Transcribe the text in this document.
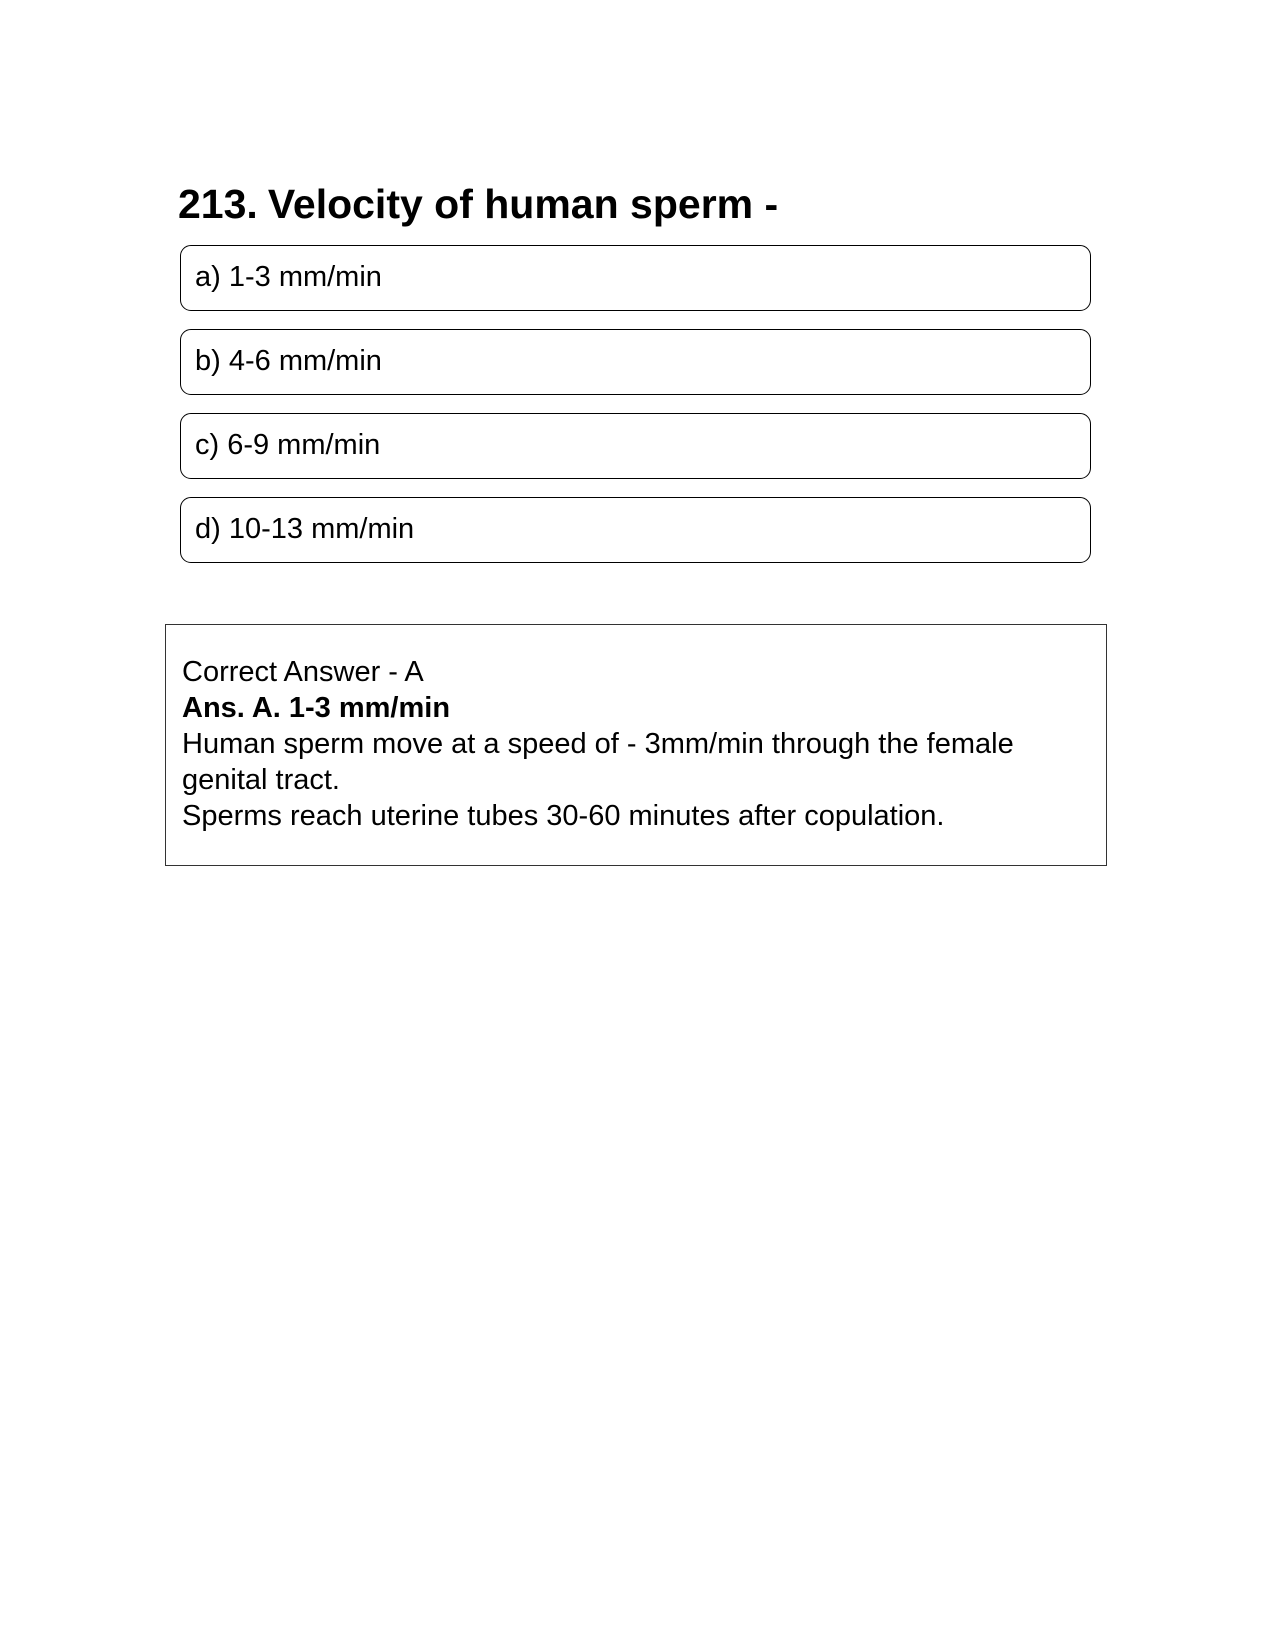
213. Velocity of human sperm -
a) 1-3 mm/min
b) 4-6 mm/min
c) 6-9 mm/min
d) 10-13 mm/min
Correct Answer - A
Ans. A. 1-3 mm/min
Human sperm move at a speed of - 3mm/min through the female genital tract.
Sperms reach uterine tubes 30-60 minutes after copulation.
